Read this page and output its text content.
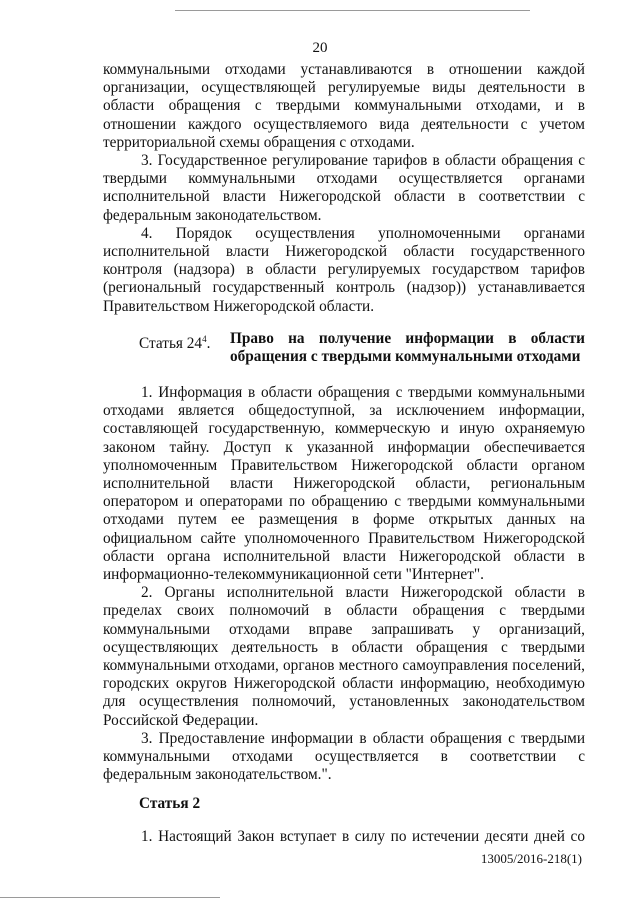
20

коммунальными отходами устанавливаются в отношении каждой организации, осуществляющей регулируемые виды деятельности в области обращения с твердыми коммунальными отходами, и в отношении каждого осуществляемого вида деятельности с учетом территориальной схемы обращения с отходами.

3. Государственное регулирование тарифов в области обращения с твердыми коммунальными отходами осуществляется органами исполнительной власти Нижегородской области в соответствии с федеральным законодательством.

4. Порядок осуществления уполномоченными органами исполнительной власти Нижегородской области государственного контроля (надзора) в области регулируемых государством тарифов (региональный государственный контроль (надзор)) устанавливается Правительством Нижегородской области.

Статья $24^4$. Право на получение информации в области
обращения с твердыми коммунальными отходами

1. Информация в области обращения с твердыми коммунальными отходами является общедоступной, за исключением информации, составляющей государственную, коммерческую и иную охраняемую законом тайну. Доступ к указанной информации обеспечивается уполномоченным Правительством Нижегородской области органом исполнительной власти Нижегородской области, региональным оператором и операторами по обращению с твердыми коммунальными отходами путем ее размещения в форме открытых данных на официальном сайте уполномоченного Правительством Нижегородской области органа исполнительной власти Нижегородской области в информационно-телекоммуникационной сети "Интернет".

2. Органы исполнительной власти Нижегородской области в пределах своих полномочий в области обращения с твердыми коммунальными отходами вправе запрашивать у организаций, осуществляющих деятельность в области обращения с твердыми коммунальными отходами, органов местного самоуправления поселений, городских округов Нижегородской области информацию, необходимую для осуществления полномочий, установленных законодательством Российской Федерации.

3. Предоставление информации в области обращения с твердыми коммунальными отходами осуществляется в соответствии с федеральным законодательством.".

Статья 2

1. Настоящий Закон вступает в силу по истечении десяти дней со

13005/2016-218(1)
